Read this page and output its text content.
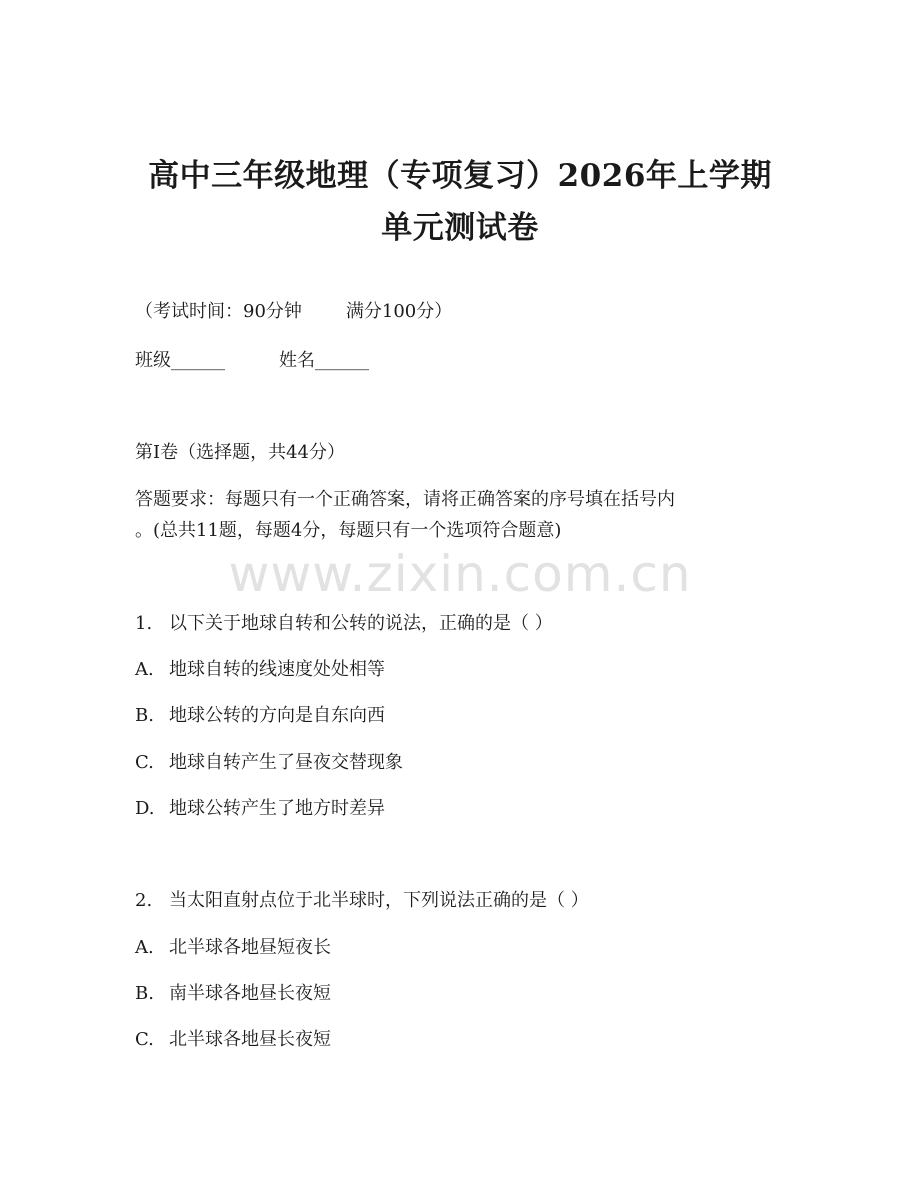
高中三年级地理（专项复习）2026年上学期
单元测试卷
（考试时间：90分钟 满分100分）
班级______	姓名______
第Ⅰ卷（选择题，共44分）
答题要求：每题只有一个正确答案，请将正确答案的序号填在括号内
。(总共11题，每题4分，每题只有一个选项符合题意)
www.zixin.com.cn
1. 以下关于地球自转和公转的说法，正确的是（ ）
A. 地球自转的线速度处处相等
B. 地球公转的方向是自东向西
C. 地球自转产生了昼夜交替现象
D. 地球公转产生了地方时差异
2. 当太阳直射点位于北半球时，下列说法正确的是（ ）
A. 北半球各地昼短夜长
B. 南半球各地昼长夜短
C. 北半球各地昼长夜短
